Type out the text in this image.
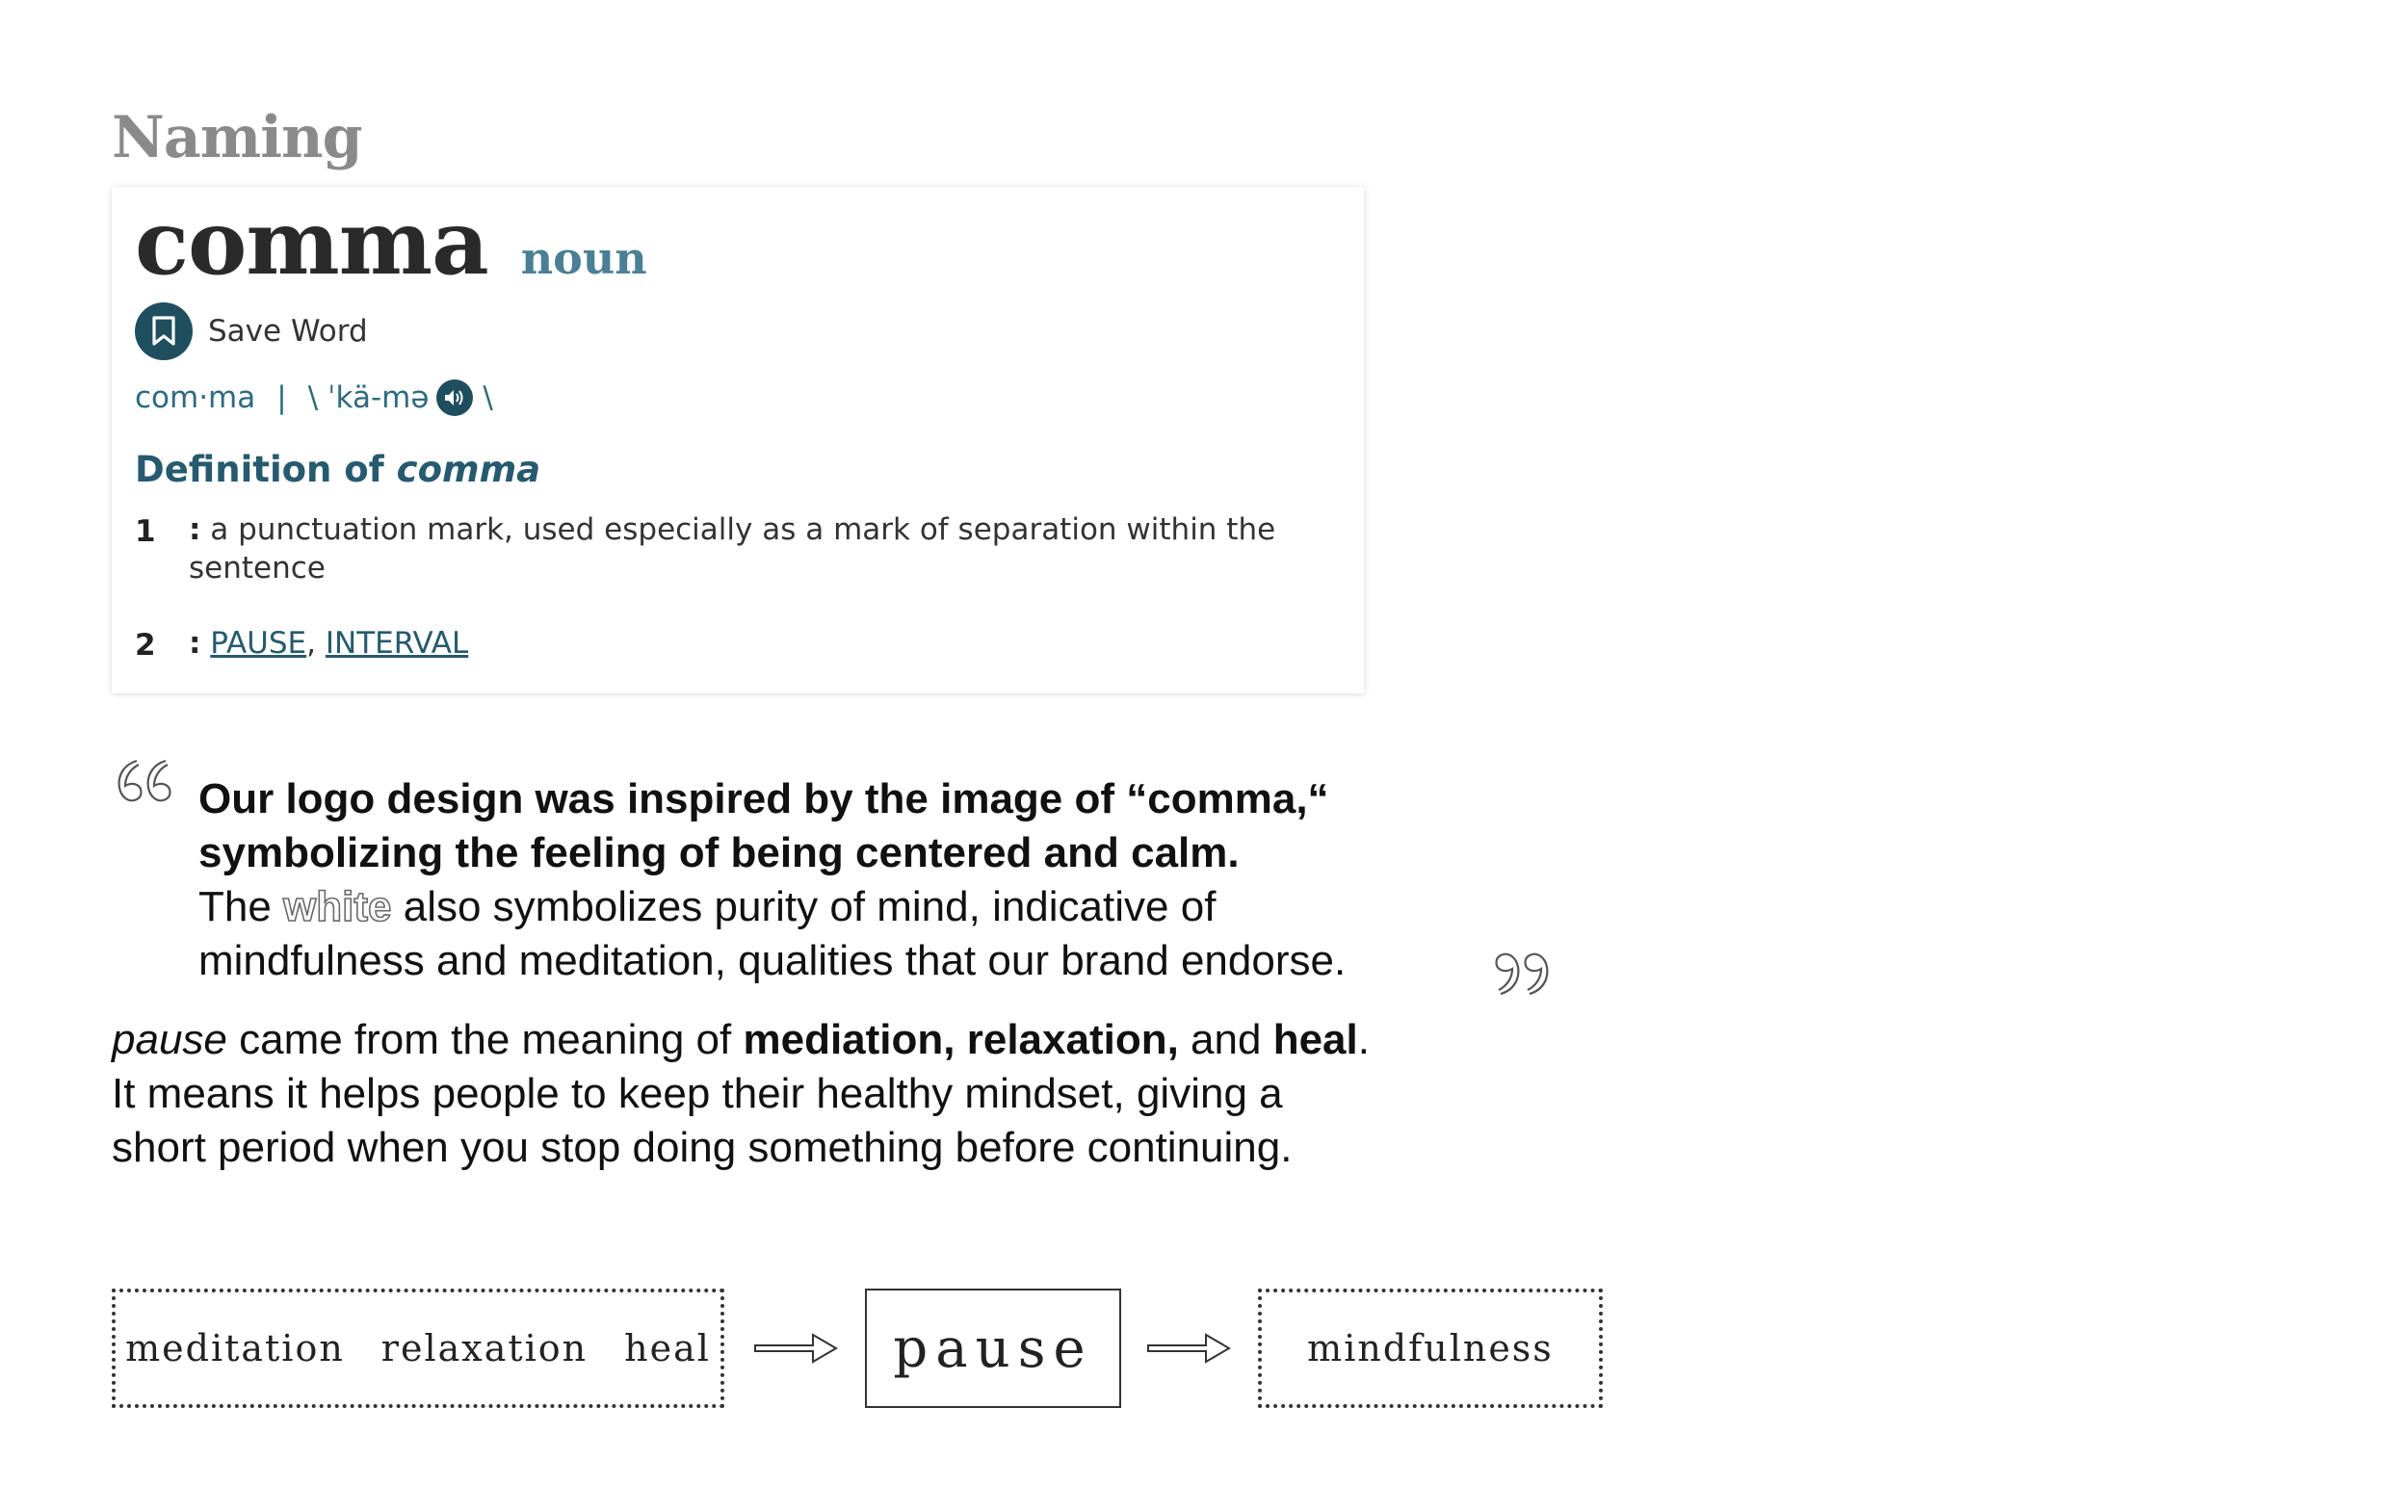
Naming
comma noun
Save Word
com·ma | \ ˈkä-mə \
Definition of comma
1	: a punctuation mark, used especially as a mark of separation within the sentence
2	: PAUSE, INTERVAL
Our logo design was inspired by the image of “comma,“
symbolizing the feeling of being centered and calm.
The white also symbolizes purity of mind, indicative of
mindfulness and meditation, qualities that our brand endorse.
pause came from the meaning of mediation, relaxation, and heal.
It means it helps people to keep their healthy mindset, giving a
short period when you stop doing something before continuing.
meditation relaxation heal	pause	mindfulness
